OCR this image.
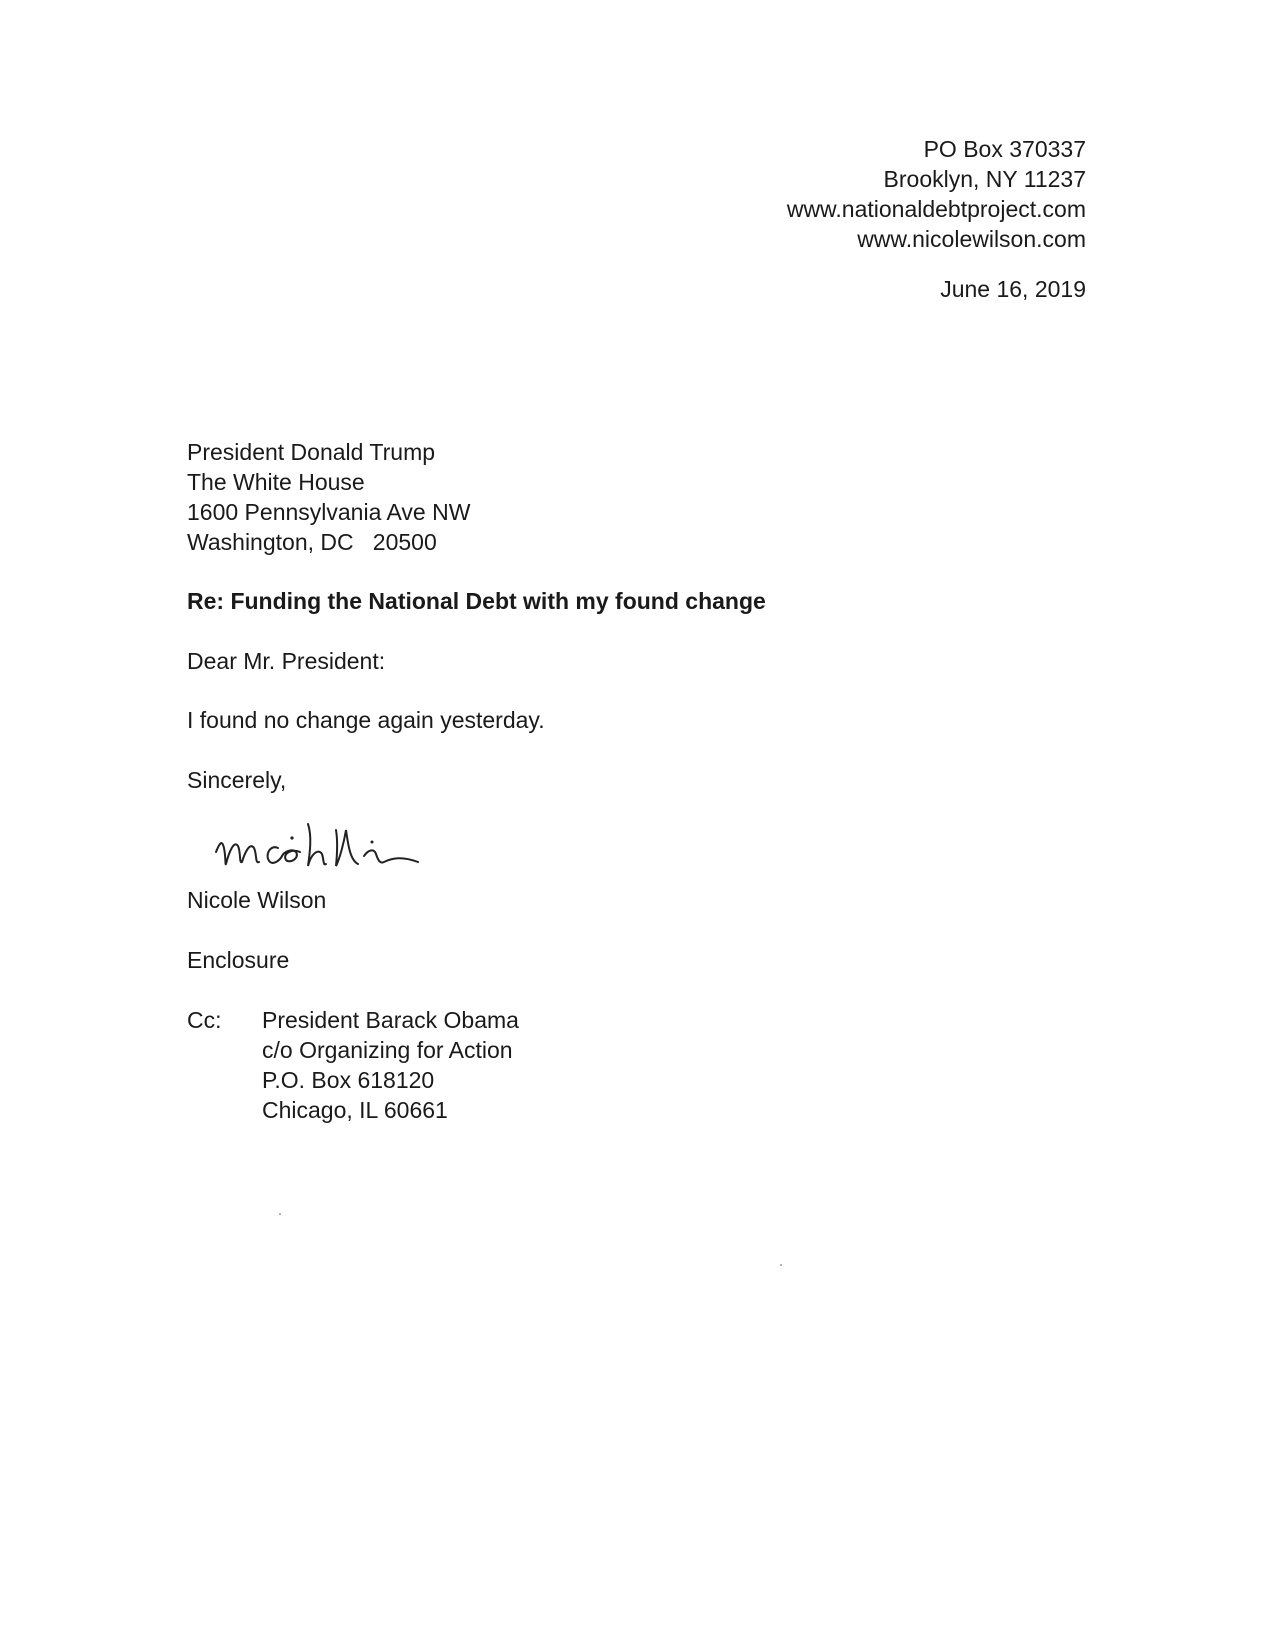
PO Box 370337
Brooklyn, NY 11237
www.nationaldebtproject.com
www.nicolewilson.com
June 16, 2019
President Donald Trump
The White House
1600 Pennsylvania Ave NW
Washington, DC   20500
Re: Funding the National Debt with my found change
Dear Mr. President:
I found no change again yesterday.
Sincerely,
Nicole Wilson
Enclosure
Cc: President Barack Obama
c/o Organizing for Action
P.O. Box 618120
Chicago, IL 60661
